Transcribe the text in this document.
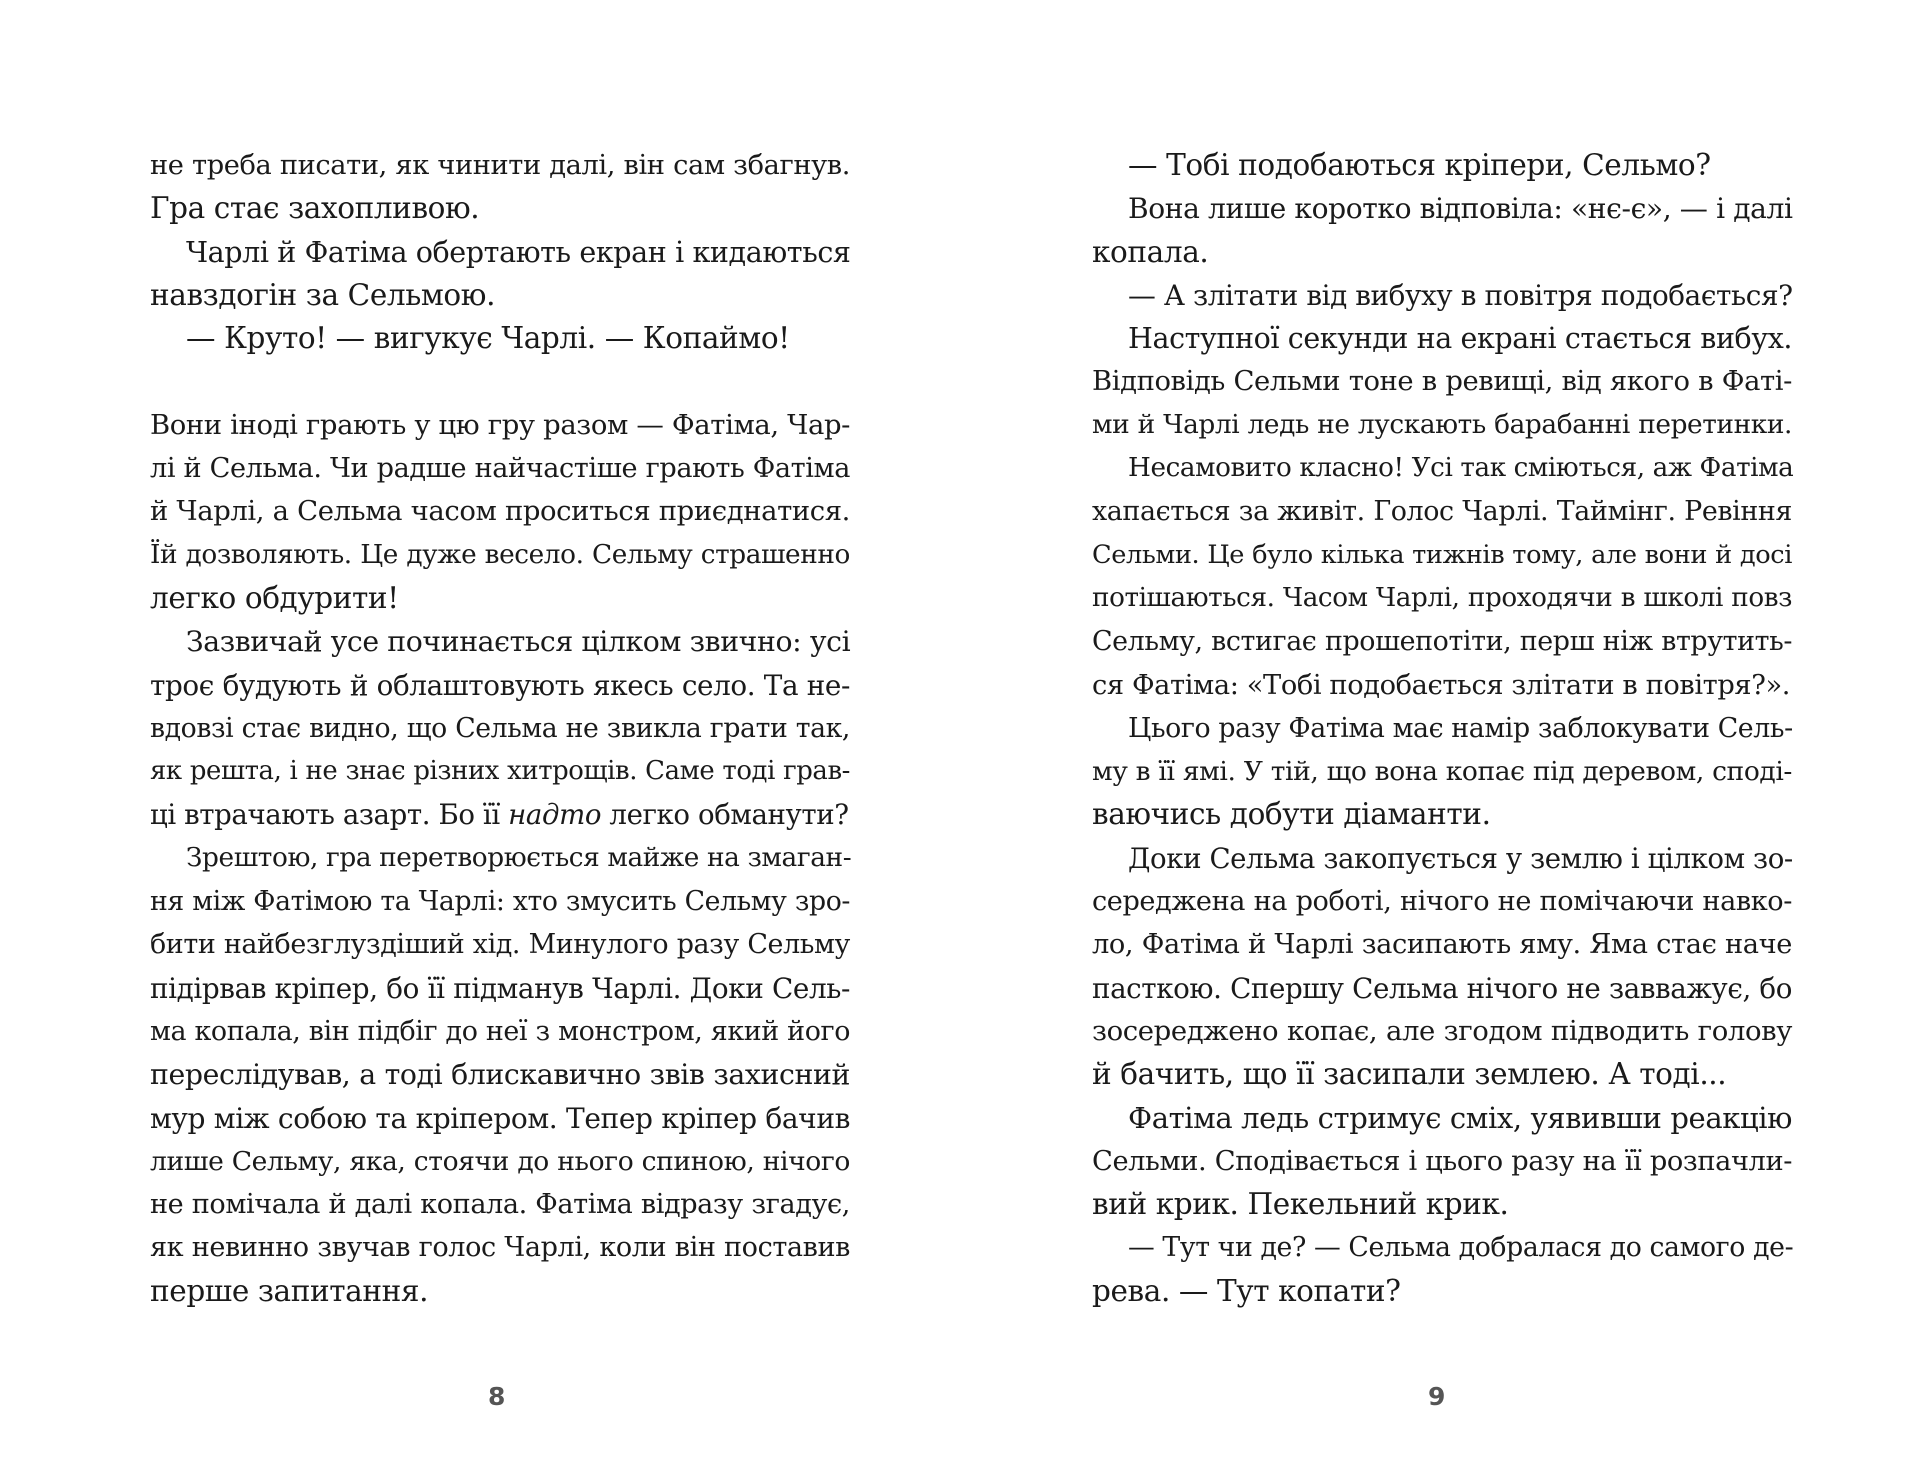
не треба писати, як чинити далі, він сам збагнув.
Гра стає захопливою.
Чарлі й Фатіма обертають екран і кидаються
навздогін за Сельмою.
— Круто! — вигукує Чарлі. — Копаймо!
Вони іноді грають у цю гру разом — Фатіма, Чар-
лі й Сельма. Чи радше найчастіше грають Фатіма
й Чарлі, а Сельма часом проситься приєднатися.
Їй дозволяють. Це дуже весело. Сельму страшенно
легко обдурити!
Зазвичай усе починається цілком звично: усі
троє будують й облаштовують якесь село. Та не-
вдовзі стає видно, що Сельма не звикла грати так,
як решта, і не знає різних хитрощів. Саме тоді грав-
ці втрачають азарт. Бо її надто легко обманути?
Зрештою, гра перетворюється майже на змаган-
ня між Фатімою та Чарлі: хто змусить Сельму зро-
бити найбезглуздіший хід. Минулого разу Сельму
підірвав кріпер, бо її підманув Чарлі. Доки Сель-
ма копала, він підбіг до неї з монстром, який його
переслідував, а тоді блискавично звів захисний
мур між собою та кріпером. Тепер кріпер бачив
лише Сельму, яка, стоячи до нього спиною, нічого
не помічала й далі копала. Фатіма відразу згадує,
як невинно звучав голос Чарлі, коли він поставив
перше запитання.
8
— Тобі подобаються кріпери, Сельмо?
Вона лише коротко відповіла: «нє-є», — і далі
копала.
— А злітати від вибуху в повітря подобається?
Наступної секунди на екрані стається вибух.
Відповідь Сельми тоне в ревищі, від якого в Фаті-
ми й Чарлі ледь не лускають барабанні перетинки.
Несамовито класно! Усі так сміються, аж Фатіма
хапається за живіт. Голос Чарлі. Таймінг. Ревіння
Сельми. Це було кілька тижнів тому, але вони й досі
потішаються. Часом Чарлі, проходячи в школі повз
Сельму, встигає прошепотіти, перш ніж втрутить-
ся Фатіма: «Тобі подобається злітати в повітря?».
Цього разу Фатіма має намір заблокувати Сель-
му в її ямі. У тій, що вона копає під деревом, споді-
ваючись добути діаманти.
Доки Сельма закопується у землю і цілком зо-
середжена на роботі, нічого не помічаючи навко-
ло, Фатіма й Чарлі засипають яму. Яма стає наче
пасткою. Спершу Сельма нічого не завважує, бо
зосереджено копає, але згодом підводить голову
й бачить, що її засипали землею. А тоді...
Фатіма ледь стримує сміх, уявивши реакцію
Сельми. Сподівається і цього разу на її розпачли-
вий крик. Пекельний крик.
— Тут чи де? — Сельма добралася до самого де-
рева. — Тут копати?
9
